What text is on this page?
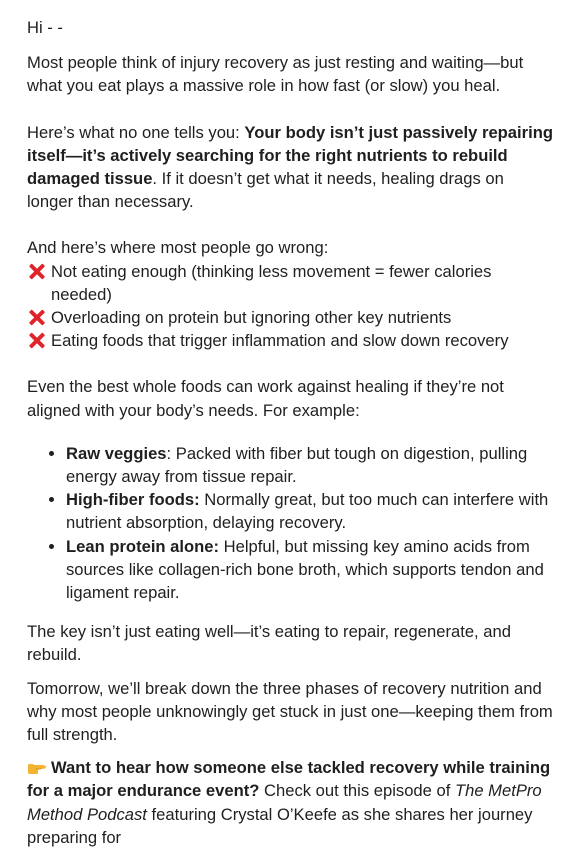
Hi - -

Most people think of injury recovery as just resting and waiting—but what you eat plays a massive role in how fast (or slow) you heal.

Here’s what no one tells you: Your body isn’t just passively repairing itself—it’s actively searching for the right nutrients to rebuild damaged tissue. If it doesn’t get what it needs, healing drags on longer than necessary.

And here’s where most people go wrong:

Not eating enough (thinking less movement = fewer calories needed)
Overloading on protein but ignoring other key nutrients
Eating foods that trigger inflammation and slow down recovery

Even the best whole foods can work against healing if they’re not aligned with your body’s needs. For example:

• Raw veggies: Packed with fiber but tough on digestion, pulling energy away from tissue repair.
• High-fiber foods: Normally great, but too much can interfere with nutrient absorption, delaying recovery.
• Lean protein alone: Helpful, but missing key amino acids from sources like collagen-rich bone broth, which supports tendon and ligament repair.

The key isn’t just eating well—it’s eating to repair, regenerate, and rebuild.

Tomorrow, we’ll break down the three phases of recovery nutrition and why most people unknowingly get stuck in just one—keeping them from full strength.

Want to hear how someone else tackled recovery while training for a major endurance event? Check out this episode of The MetPro Method Podcast featuring Crystal O’Keefe as she shares her journey preparing for
